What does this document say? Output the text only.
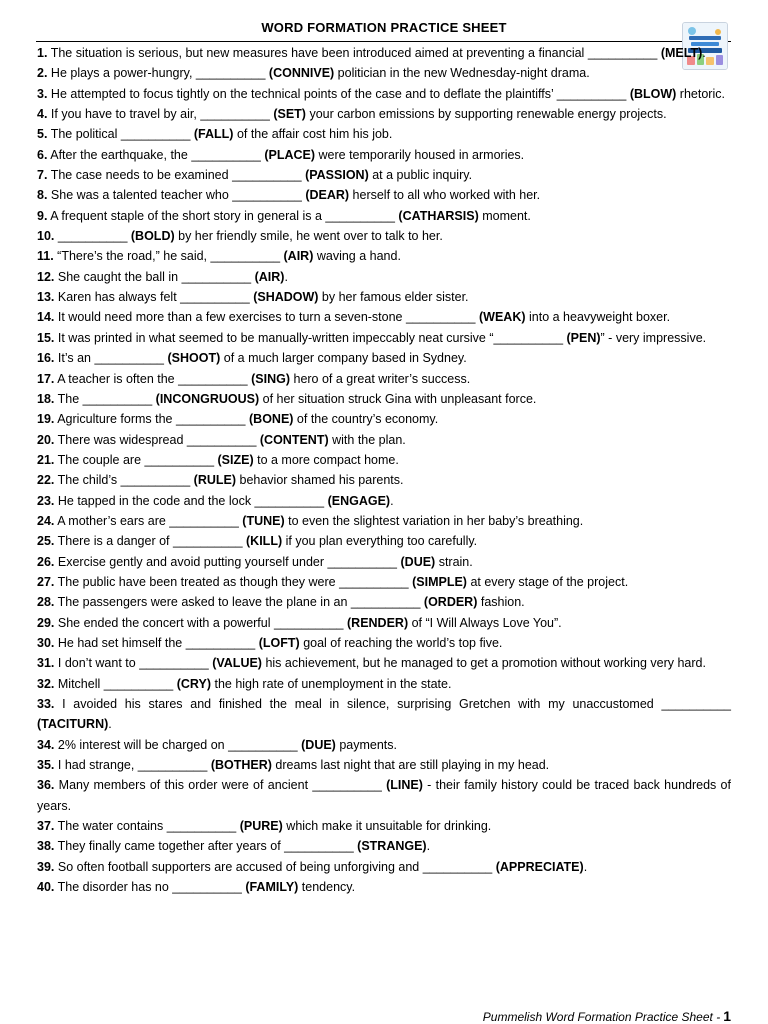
WORD FORMATION PRACTICE SHEET
1. The situation is serious, but new measures have been introduced aimed at preventing a financial __________ (MELT).
2. He plays a power-hungry, __________ (CONNIVE) politician in the new Wednesday-night drama.
3. He attempted to focus tightly on the technical points of the case and to deflate the plaintiffs’ __________ (BLOW) rhetoric.
4. If you have to travel by air, __________ (SET) your carbon emissions by supporting renewable energy projects.
5. The political __________ (FALL) of the affair cost him his job.
6. After the earthquake, the __________ (PLACE) were temporarily housed in armories.
7. The case needs to be examined __________ (PASSION) at a public inquiry.
8. She was a talented teacher who __________ (DEAR) herself to all who worked with her.
9. A frequent staple of the short story in general is a __________ (CATHARSIS) moment.
10. __________ (BOLD) by her friendly smile, he went over to talk to her.
11. “There’s the road,” he said, __________ (AIR) waving a hand.
12. She caught the ball in __________ (AIR).
13. Karen has always felt __________ (SHADOW) by her famous elder sister.
14. It would need more than a few exercises to turn a seven-stone __________ (WEAK) into a heavyweight boxer.
15. It was printed in what seemed to be manually-written impeccably neat cursive “__________ (PEN)” - very impressive.
16. It’s an __________ (SHOOT) of a much larger company based in Sydney.
17. A teacher is often the __________ (SING) hero of a great writer’s success.
18. The __________ (INCONGRUOUS) of her situation struck Gina with unpleasant force.
19. Agriculture forms the __________ (BONE) of the country’s economy.
20. There was widespread __________ (CONTENT) with the plan.
21. The couple are __________ (SIZE) to a more compact home.
22. The child’s __________ (RULE) behavior shamed his parents.
23. He tapped in the code and the lock __________ (ENGAGE).
24. A mother’s ears are __________ (TUNE) to even the slightest variation in her baby’s breathing.
25. There is a danger of __________ (KILL) if you plan everything too carefully.
26. Exercise gently and avoid putting yourself under __________ (DUE) strain.
27. The public have been treated as though they were __________ (SIMPLE) at every stage of the project.
28. The passengers were asked to leave the plane in an __________ (ORDER) fashion.
29. She ended the concert with a powerful __________ (RENDER) of “I Will Always Love You”.
30. He had set himself the __________ (LOFT) goal of reaching the world’s top five.
31. I don’t want to __________ (VALUE) his achievement, but he managed to get a promotion without working very hard.
32. Mitchell __________ (CRY) the high rate of unemployment in the state.
33. I avoided his stares and finished the meal in silence, surprising Gretchen with my unaccustomed __________ (TACITURN).
34. 2% interest will be charged on __________ (DUE) payments.
35. I had strange, __________ (BOTHER) dreams last night that are still playing in my head.
36. Many members of this order were of ancient __________ (LINE) - their family history could be traced back hundreds of years.
37. The water contains __________ (PURE) which make it unsuitable for drinking.
38. They finally came together after years of __________ (STRANGE).
39. So often football supporters are accused of being unforgiving and __________ (APPRECIATE).
40. The disorder has no __________ (FAMILY) tendency.
Pummelish Word Formation Practice Sheet - 1
